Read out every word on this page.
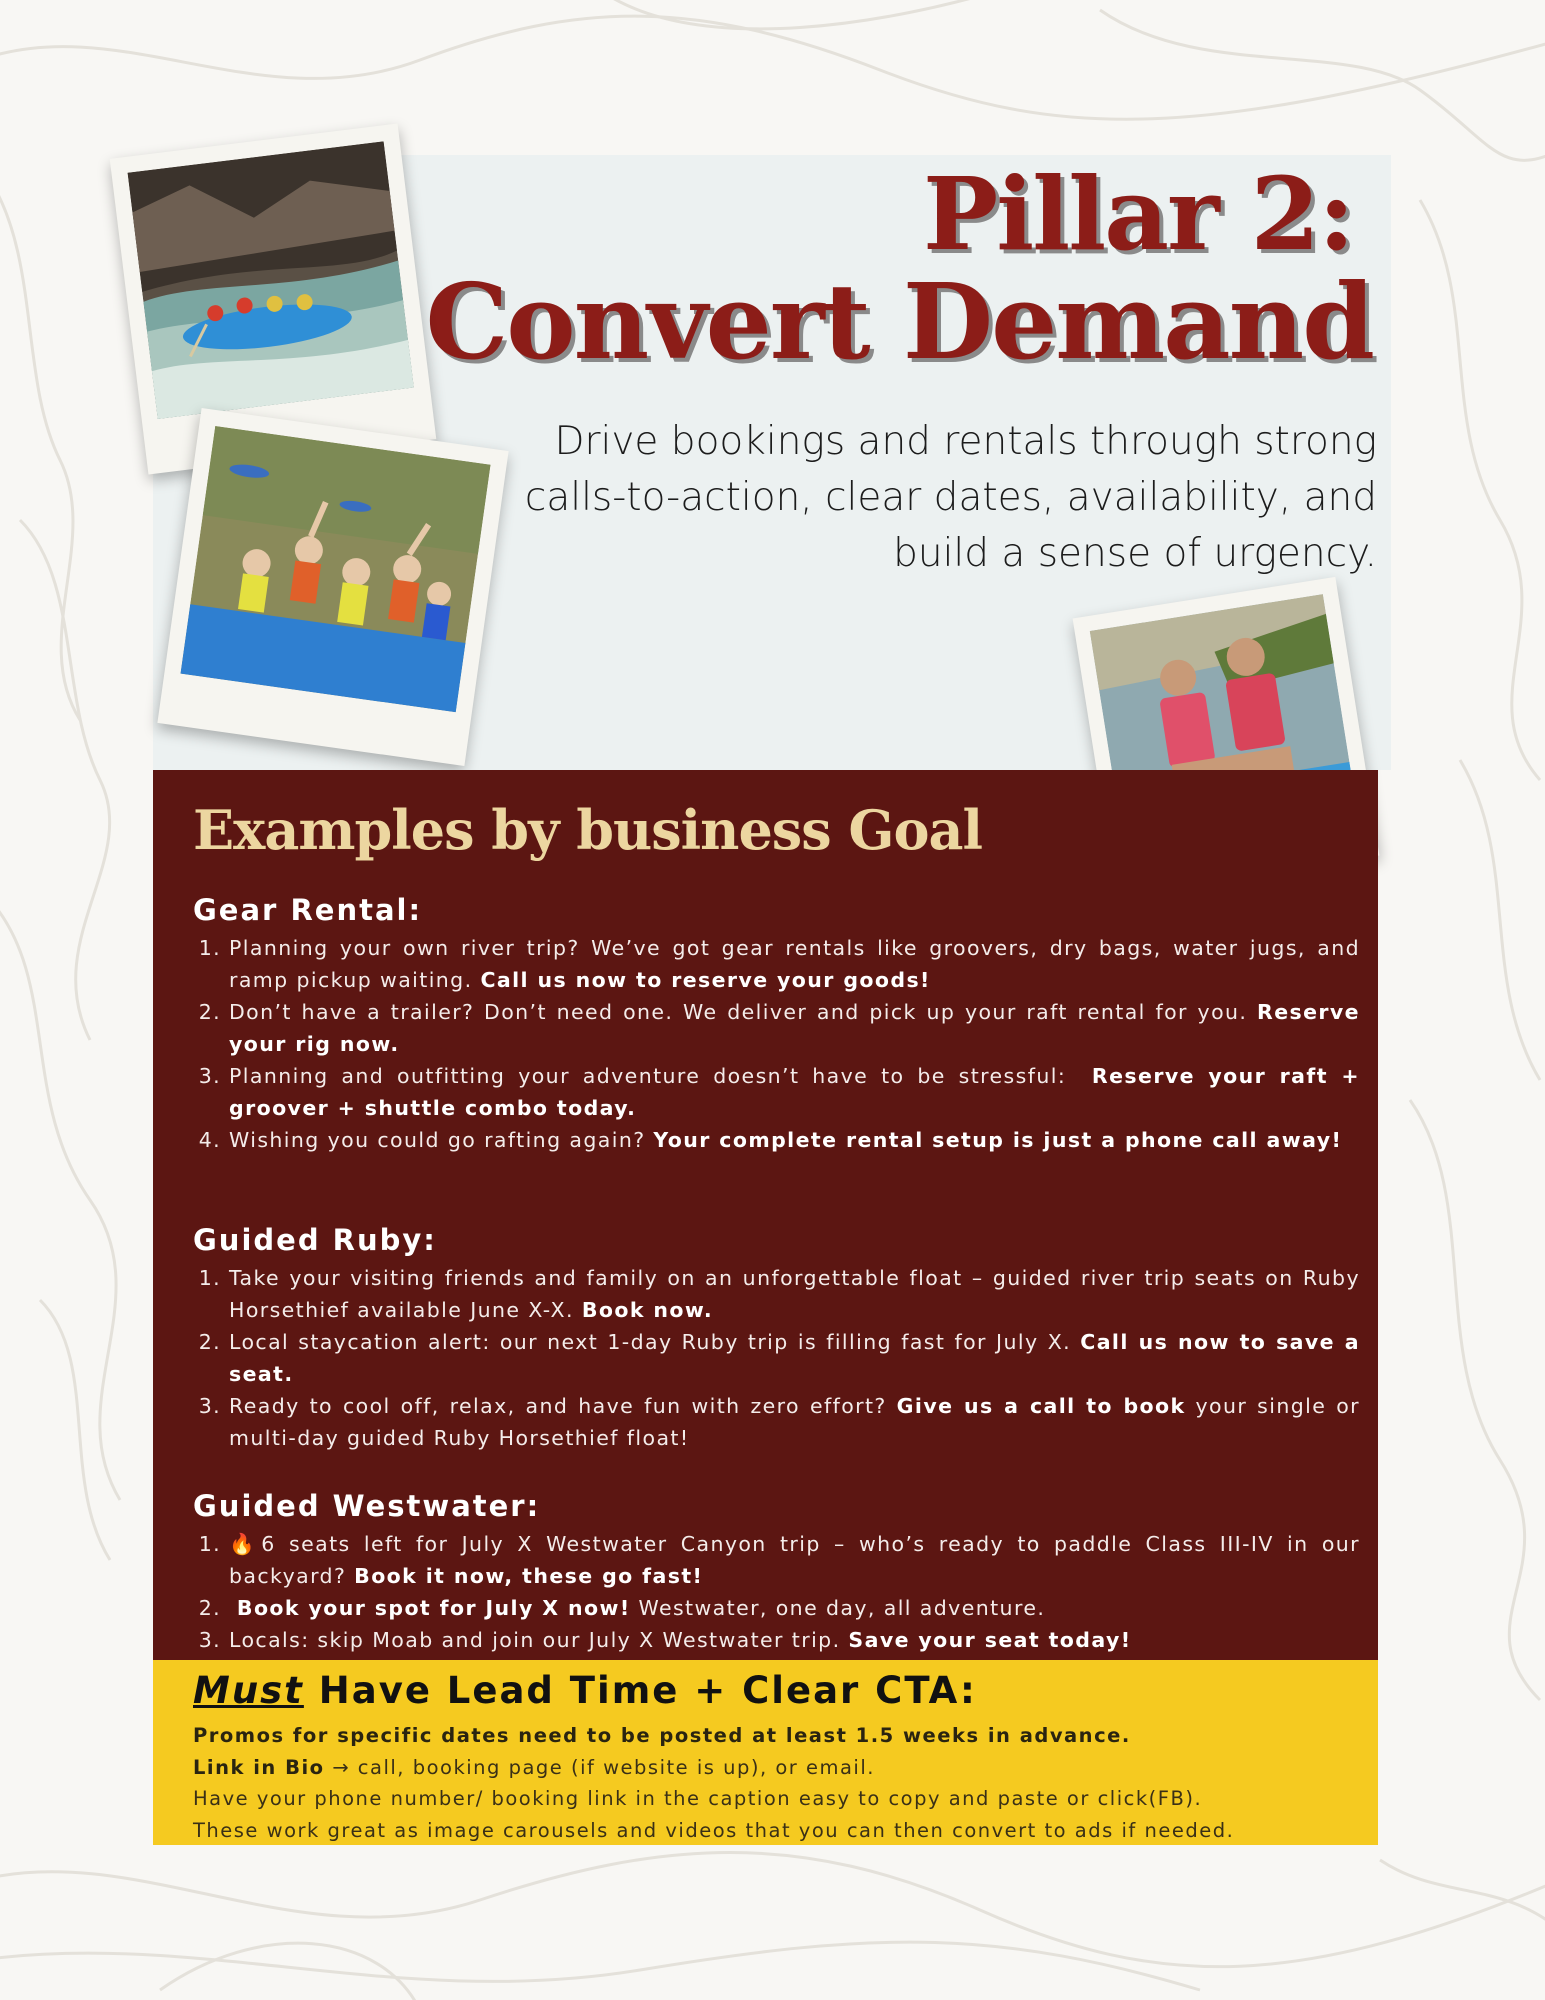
Pillar 2:
Convert Demand

Drive bookings and rentals through strong calls-to-action, clear dates, availability, and build a sense of urgency.

Examples by business Goal
Gear Rental:
1. Planning your own river trip? We’ve got gear rentals like groovers, dry bags, water jugs, and ramp pickup waiting. Call us now to reserve your goods!
2. Don’t have a trailer? Don’t need one. We deliver and pick up your raft rental for you. Reserve your rig now.
3. Planning and outfitting your adventure doesn’t have to be stressful: Reserve your raft + groover + shuttle combo today.
4. Wishing you could go rafting again? Your complete rental setup is just a phone call away!
Guided Ruby:
1. Take your visiting friends and family on an unforgettable float – guided river trip seats on Ruby Horsethief available June X-X. Book now.
2. Local staycation alert: our next 1-day Ruby trip is filling fast for July X. Call us now to save a seat.
3. Ready to cool off, relax, and have fun with zero effort? Give us a call to book your single or multi-day guided Ruby Horsethief float!
Guided Westwater:
1. 🔥6 seats left for July X Westwater Canyon trip – who’s ready to paddle Class III-IV in our backyard? Book it now, these go fast!
2. Book your spot for July X now! Westwater, one day, all adventure.
3. Locals: skip Moab and join our July X Westwater trip. Save your seat today!
Must Have Lead Time + Clear CTA:
Promos for specific dates need to be posted at least 1.5 weeks in advance.
Link in Bio → call, booking page (if website is up), or email.
Have your phone number/ booking link in the caption easy to copy and paste or click(FB).
These work great as image carousels and videos that you can then convert to ads if needed.
